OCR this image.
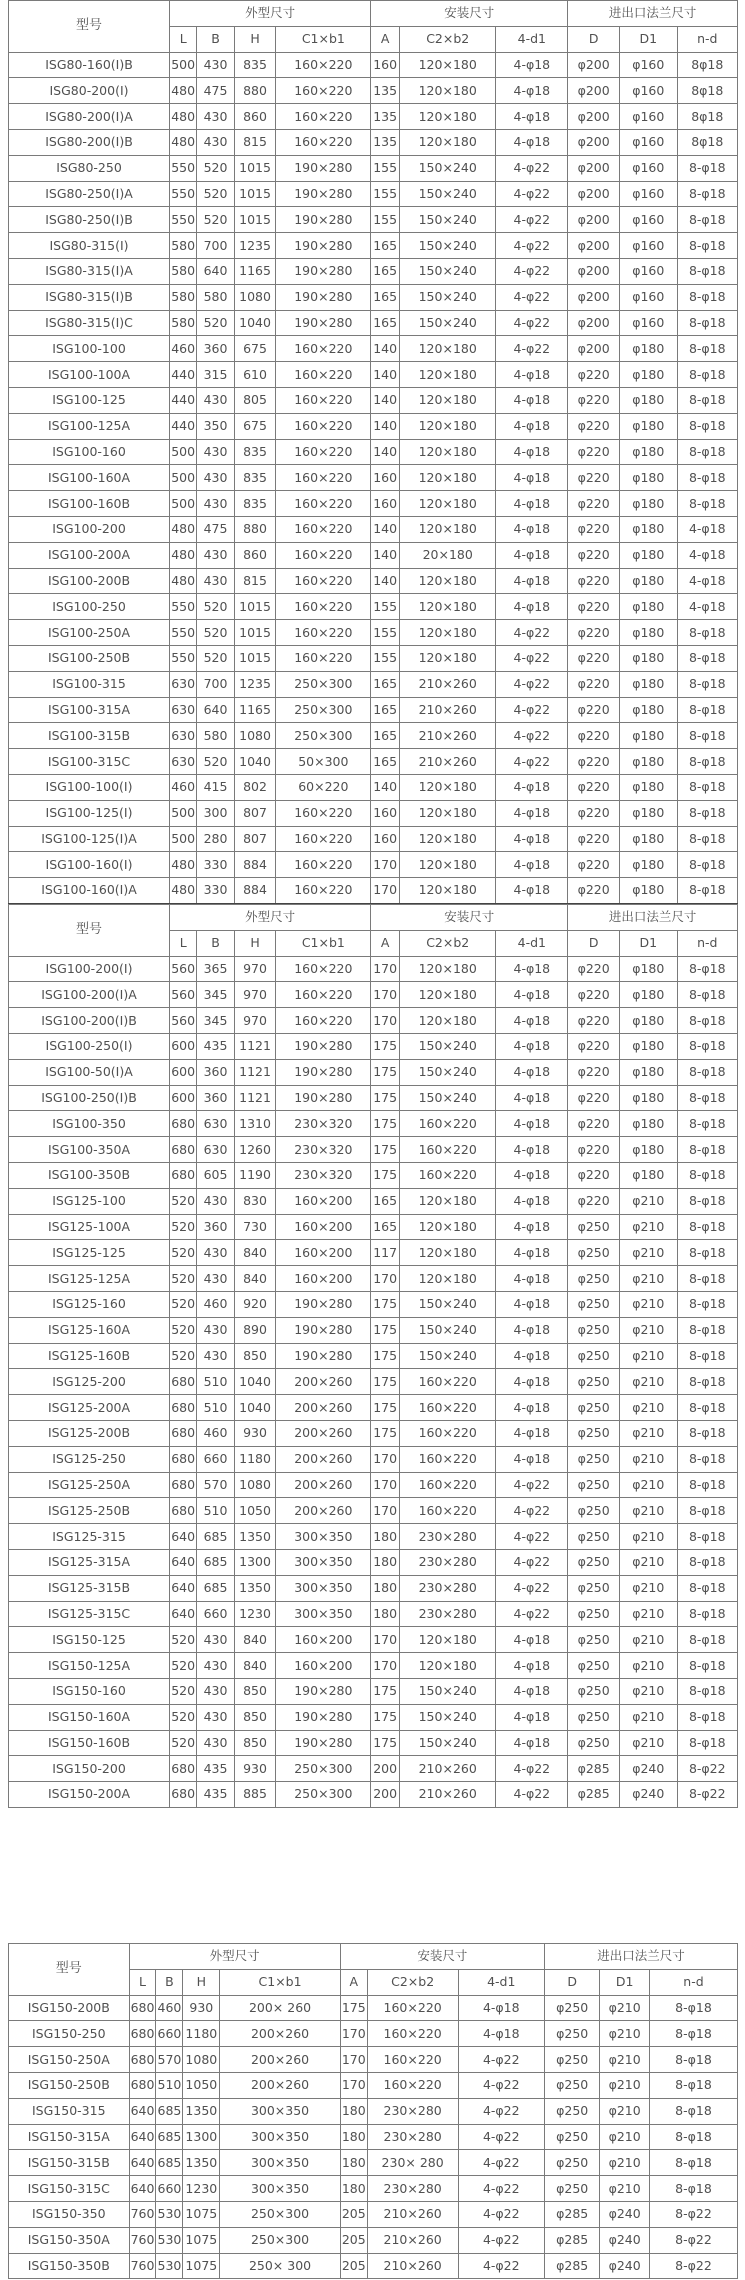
型号	外型尺寸				安装尺寸			进出口法兰尺寸		
	L	B	H	C1×b1	A	C2×b2	4-d1	D	D1	n-d
ISG80-160(I)B	500	430	835	160×220	160	120×180	4-φ18	φ200	φ160	8φ18
ISG80-200(I)	480	475	880	160×220	135	120×180	4-φ18	φ200	φ160	8φ18
ISG80-200(I)A	480	430	860	160×220	135	120×180	4-φ18	φ200	φ160	8φ18
ISG80-200(I)B	480	430	815	160×220	135	120×180	4-φ18	φ200	φ160	8φ18
ISG80-250	550	520	1015	190×280	155	150×240	4-φ22	φ200	φ160	8-φ18
ISG80-250(I)A	550	520	1015	190×280	155	150×240	4-φ22	φ200	φ160	8-φ18
ISG80-250(I)B	550	520	1015	190×280	155	150×240	4-φ22	φ200	φ160	8-φ18
ISG80-315(I)	580	700	1235	190×280	165	150×240	4-φ22	φ200	φ160	8-φ18
ISG80-315(I)A	580	640	1165	190×280	165	150×240	4-φ22	φ200	φ160	8-φ18
ISG80-315(I)B	580	580	1080	190×280	165	150×240	4-φ22	φ200	φ160	8-φ18
ISG80-315(I)C	580	520	1040	190×280	165	150×240	4-φ22	φ200	φ160	8-φ18
ISG100-100	460	360	675	160×220	140	120×180	4-φ22	φ200	φ180	8-φ18
ISG100-100A	440	315	610	160×220	140	120×180	4-φ18	φ220	φ180	8-φ18
ISG100-125	440	430	805	160×220	140	120×180	4-φ18	φ220	φ180	8-φ18
ISG100-125A	440	350	675	160×220	140	120×180	4-φ18	φ220	φ180	8-φ18
ISG100-160	500	430	835	160×220	140	120×180	4-φ18	φ220	φ180	8-φ18
ISG100-160A	500	430	835	160×220	160	120×180	4-φ18	φ220	φ180	8-φ18
ISG100-160B	500	430	835	160×220	160	120×180	4-φ18	φ220	φ180	8-φ18
ISG100-200	480	475	880	160×220	140	120×180	4-φ18	φ220	φ180	4-φ18
ISG100-200A	480	430	860	160×220	140	20×180	4-φ18	φ220	φ180	4-φ18
ISG100-200B	480	430	815	160×220	140	120×180	4-φ18	φ220	φ180	4-φ18
ISG100-250	550	520	1015	160×220	155	120×180	4-φ18	φ220	φ180	4-φ18
ISG100-250A	550	520	1015	160×220	155	120×180	4-φ22	φ220	φ180	8-φ18
ISG100-250B	550	520	1015	160×220	155	120×180	4-φ22	φ220	φ180	8-φ18
ISG100-315	630	700	1235	250×300	165	210×260	4-φ22	φ220	φ180	8-φ18
ISG100-315A	630	640	1165	250×300	165	210×260	4-φ22	φ220	φ180	8-φ18
ISG100-315B	630	580	1080	250×300	165	210×260	4-φ22	φ220	φ180	8-φ18
ISG100-315C	630	520	1040	50×300	165	210×260	4-φ22	φ220	φ180	8-φ18
ISG100-100(I)	460	415	802	60×220	140	120×180	4-φ18	φ220	φ180	8-φ18
ISG100-125(I)	500	300	807	160×220	160	120×180	4-φ18	φ220	φ180	8-φ18
ISG100-125(I)A	500	280	807	160×220	160	120×180	4-φ18	φ220	φ180	8-φ18
ISG100-160(I)	480	330	884	160×220	170	120×180	4-φ18	φ220	φ180	8-φ18
ISG100-160(I)A	480	330	884	160×220	170	120×180	4-φ18	φ220	φ180	8-φ18
型号	外型尺寸				安装尺寸			进出口法兰尺寸		
	L	B	H	C1×b1	A	C2×b2	4-d1	D	D1	n-d
ISG100-200(I)	560	365	970	160×220	170	120×180	4-φ18	φ220	φ180	8-φ18
ISG100-200(I)A	560	345	970	160×220	170	120×180	4-φ18	φ220	φ180	8-φ18
ISG100-200(I)B	560	345	970	160×220	170	120×180	4-φ18	φ220	φ180	8-φ18
ISG100-250(I)	600	435	1121	190×280	175	150×240	4-φ18	φ220	φ180	8-φ18
ISG100-50(I)A	600	360	1121	190×280	175	150×240	4-φ18	φ220	φ180	8-φ18
ISG100-250(I)B	600	360	1121	190×280	175	150×240	4-φ18	φ220	φ180	8-φ18
ISG100-350	680	630	1310	230×320	175	160×220	4-φ18	φ220	φ180	8-φ18
ISG100-350A	680	630	1260	230×320	175	160×220	4-φ18	φ220	φ180	8-φ18
ISG100-350B	680	605	1190	230×320	175	160×220	4-φ18	φ220	φ180	8-φ18
ISG125-100	520	430	830	160×200	165	120×180	4-φ18	φ220	φ210	8-φ18
ISG125-100A	520	360	730	160×200	165	120×180	4-φ18	φ250	φ210	8-φ18
ISG125-125	520	430	840	160×200	117	120×180	4-φ18	φ250	φ210	8-φ18
ISG125-125A	520	430	840	160×200	170	120×180	4-φ18	φ250	φ210	8-φ18
ISG125-160	520	460	920	190×280	175	150×240	4-φ18	φ250	φ210	8-φ18
ISG125-160A	520	430	890	190×280	175	150×240	4-φ18	φ250	φ210	8-φ18
ISG125-160B	520	430	850	190×280	175	150×240	4-φ18	φ250	φ210	8-φ18
ISG125-200	680	510	1040	200×260	175	160×220	4-φ18	φ250	φ210	8-φ18
ISG125-200A	680	510	1040	200×260	175	160×220	4-φ18	φ250	φ210	8-φ18
ISG125-200B	680	460	930	200×260	175	160×220	4-φ18	φ250	φ210	8-φ18
ISG125-250	680	660	1180	200×260	170	160×220	4-φ18	φ250	φ210	8-φ18
ISG125-250A	680	570	1080	200×260	170	160×220	4-φ22	φ250	φ210	8-φ18
ISG125-250B	680	510	1050	200×260	170	160×220	4-φ22	φ250	φ210	8-φ18
ISG125-315	640	685	1350	300×350	180	230×280	4-φ22	φ250	φ210	8-φ18
ISG125-315A	640	685	1300	300×350	180	230×280	4-φ22	φ250	φ210	8-φ18
ISG125-315B	640	685	1350	300×350	180	230×280	4-φ22	φ250	φ210	8-φ18
ISG125-315C	640	660	1230	300×350	180	230×280	4-φ22	φ250	φ210	8-φ18
ISG150-125	520	430	840	160×200	170	120×180	4-φ18	φ250	φ210	8-φ18
ISG150-125A	520	430	840	160×200	170	120×180	4-φ18	φ250	φ210	8-φ18
ISG150-160	520	430	850	190×280	175	150×240	4-φ18	φ250	φ210	8-φ18
ISG150-160A	520	430	850	190×280	175	150×240	4-φ18	φ250	φ210	8-φ18
ISG150-160B	520	430	850	190×280	175	150×240	4-φ18	φ250	φ210	8-φ18
ISG150-200	680	435	930	250×300	200	210×260	4-φ22	φ285	φ240	8-φ22
ISG150-200A	680	435	885	250×300	200	210×260	4-φ22	φ285	φ240	8-φ22
型号	外型尺寸				安装尺寸			进出口法兰尺寸		
	L	B	H	C1×b1	A	C2×b2	4-d1	D	D1	n-d
ISG150-200B	680	460	930	200× 260	175	160×220	4-φ18	φ250	φ210	8-φ18
ISG150-250	680	660	1180	200×260	170	160×220	4-φ18	φ250	φ210	8-φ18
ISG150-250A	680	570	1080	200×260	170	160×220	4-φ22	φ250	φ210	8-φ18
ISG150-250B	680	510	1050	200×260	170	160×220	4-φ22	φ250	φ210	8-φ18
ISG150-315	640	685	1350	300×350	180	230×280	4-φ22	φ250	φ210	8-φ18
ISG150-315A	640	685	1300	300×350	180	230×280	4-φ22	φ250	φ210	8-φ18
ISG150-315B	640	685	1350	300×350	180	230× 280	4-φ22	φ250	φ210	8-φ18
ISG150-315C	640	660	1230	300×350	180	230×280	4-φ22	φ250	φ210	8-φ18
ISG150-350	760	530	1075	250×300	205	210×260	4-φ22	φ285	φ240	8-φ22
ISG150-350A	760	530	1075	250×300	205	210×260	4-φ22	φ285	φ240	8-φ22
ISG150-350B	760	530	1075	250× 300	205	210×260	4-φ22	φ285	φ240	8-φ22
